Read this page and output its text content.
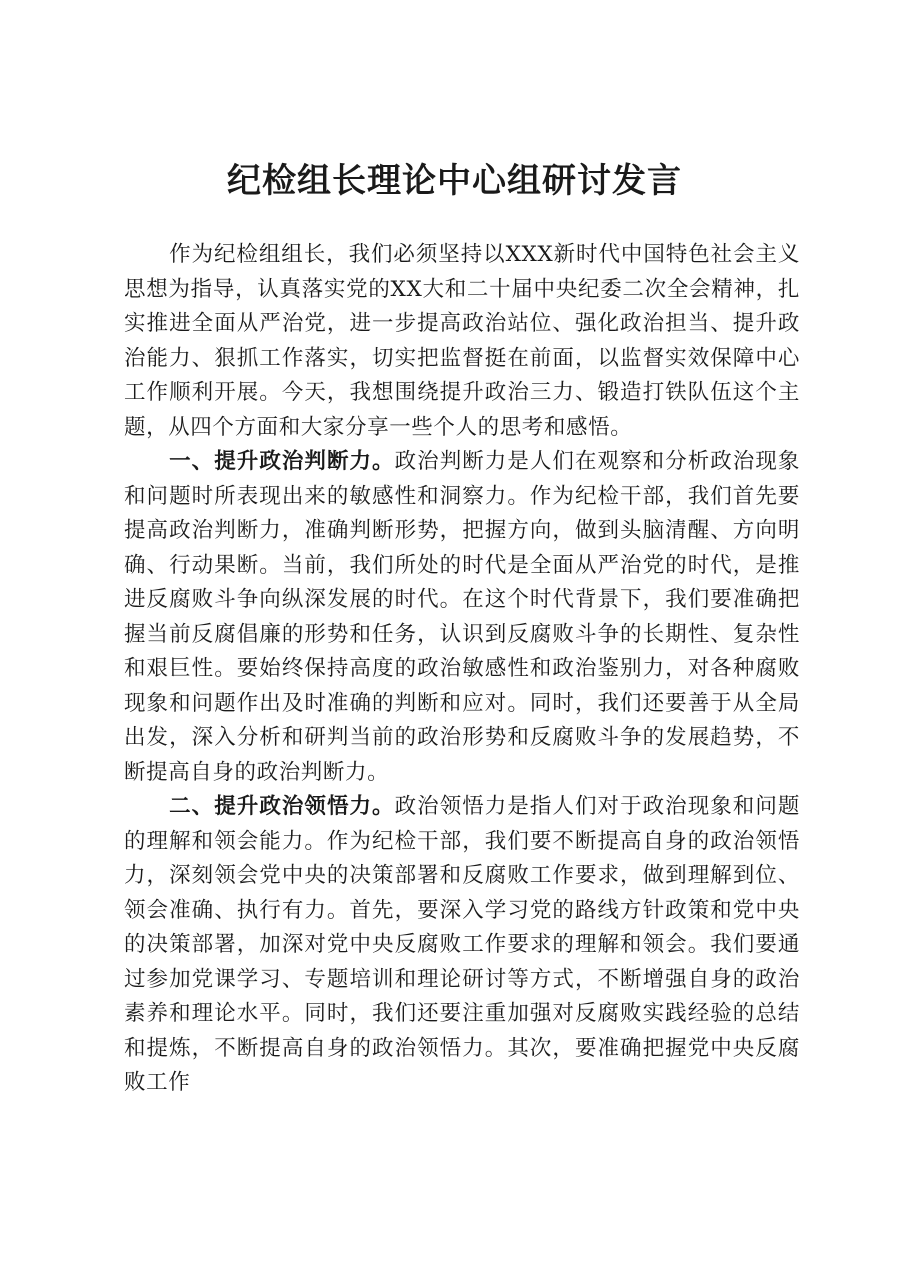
纪检组长理论中心组研讨发言

作为纪检组组长，我们必须坚持以XXX新时代中国特色社会主义思想为指导，认真落实党的XX大和二十届中央纪委二次全会精神，扎实推进全面从严治党，进一步提高政治站位、强化政治担当、提升政治能力、狠抓工作落实，切实把监督挺在前面，以监督实效保障中心工作顺利开展。今天，我想围绕提升政治三力、锻造打铁队伍这个主题，从四个方面和大家分享一些个人的思考和感悟。

一、提升政治判断力。政治判断力是人们在观察和分析政治现象和问题时所表现出来的敏感性和洞察力。作为纪检干部，我们首先要提高政治判断力，准确判断形势，把握方向，做到头脑清醒、方向明确、行动果断。当前，我们所处的时代是全面从严治党的时代，是推进反腐败斗争向纵深发展的时代。在这个时代背景下，我们要准确把握当前反腐倡廉的形势和任务，认识到反腐败斗争的长期性、复杂性和艰巨性。要始终保持高度的政治敏感性和政治鉴别力，对各种腐败现象和问题作出及时准确的判断和应对。同时，我们还要善于从全局出发，深入分析和研判当前的政治形势和反腐败斗争的发展趋势，不断提高自身的政治判断力。

二、提升政治领悟力。政治领悟力是指人们对于政治现象和问题的理解和领会能力。作为纪检干部，我们要不断提高自身的政治领悟力，深刻领会党中央的决策部署和反腐败工作要求，做到理解到位、领会准确、执行有力。首先，要深入学习党的路线方针政策和党中央的决策部署，加深对党中央反腐败工作要求的理解和领会。我们要通过参加党课学习、专题培训和理论研讨等方式，不断增强自身的政治素养和理论水平。同时，我们还要注重加强对反腐败实践经验的总结和提炼，不断提高自身的政治领悟力。其次，要准确把握党中央反腐败工作
